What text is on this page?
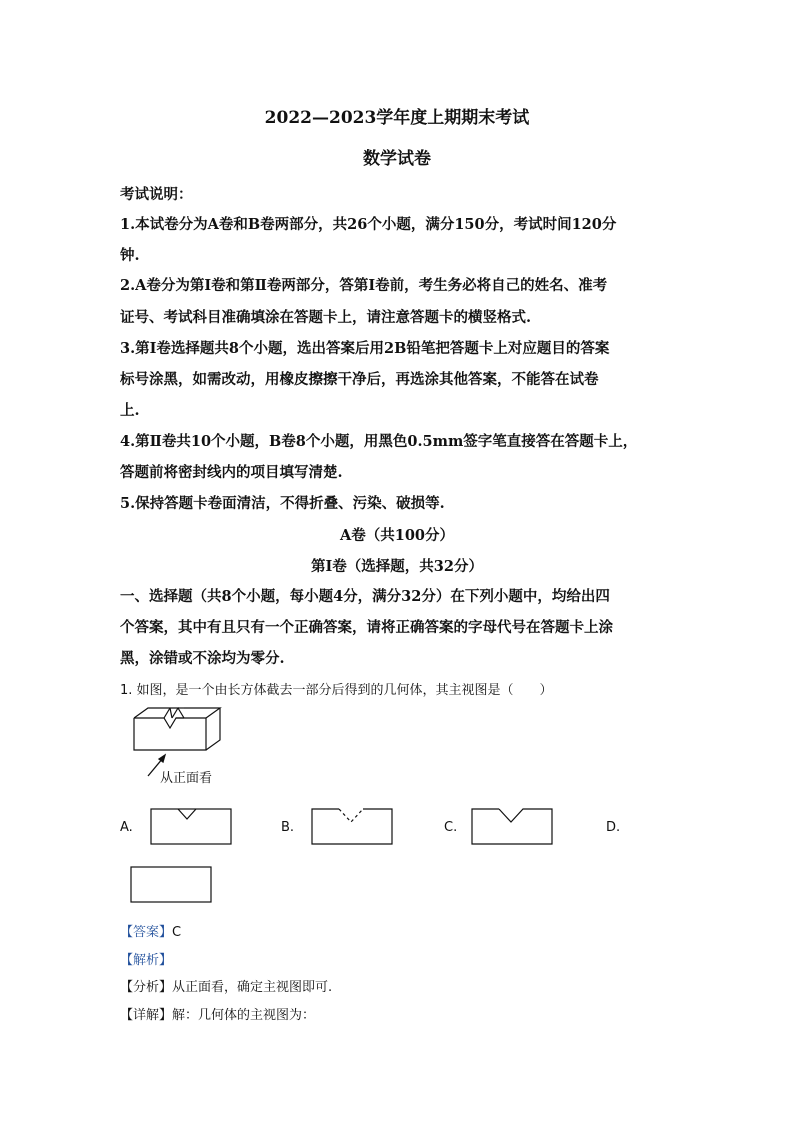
2022—2023学年度上期期末考试
数学试卷
考试说明：
1.本试卷分为A卷和B卷两部分，共26个小题，满分150分，考试时间120分
钟.
2.A卷分为第Ⅰ卷和第Ⅱ卷两部分，答第Ⅰ卷前，考生务必将自己的姓名、准考
证号、考试科目准确填涂在答题卡上，请注意答题卡的横竖格式.
3.第Ⅰ卷选择题共8个小题，选出答案后用2B铅笔把答题卡上对应题目的答案
标号涂黑，如需改动，用橡皮擦擦干净后，再选涂其他答案，不能答在试卷
上.
4.第Ⅱ卷共10个小题，B卷8个小题，用黑色0.5mm签字笔直接答在答题卡上，
答题前将密封线内的项目填写清楚.
5.保持答题卡卷面清洁，不得折叠、污染、破损等.
A卷（共100分）
第Ⅰ卷（选择题，共32分）
一、选择题（共8个小题，每小题4分，满分32分）在下列小题中，均给出四
个答案，其中有且只有一个正确答案，请将正确答案的字母代号在答题卡上涂
黑，涂错或不涂均为零分.
1. 如图，是一个由长方体截去一部分后得到的几何体，其主视图是（　　）
从正面看
A.	B.	C.	D.
【答案】C
【解析】
【分析】从正面看，确定主视图即可.
【详解】解：几何体的主视图为：
